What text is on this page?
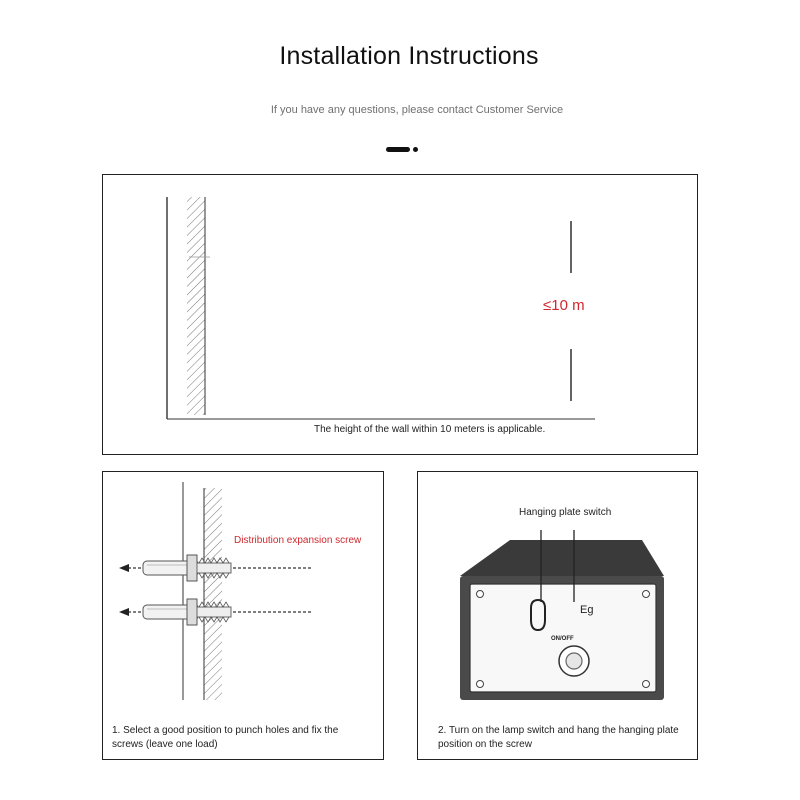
Installation Instructions
If you have any questions, please contact Customer Service
≤10 m
The height of the wall within 10 meters is applicable.
Distribution expansion screw
1. Select a good position to punch holes and fix the
screws (leave one load)
Hanging plate switch
Eg
ON/OFF
2. Turn on the lamp switch and hang the hanging plate
position on the screw
